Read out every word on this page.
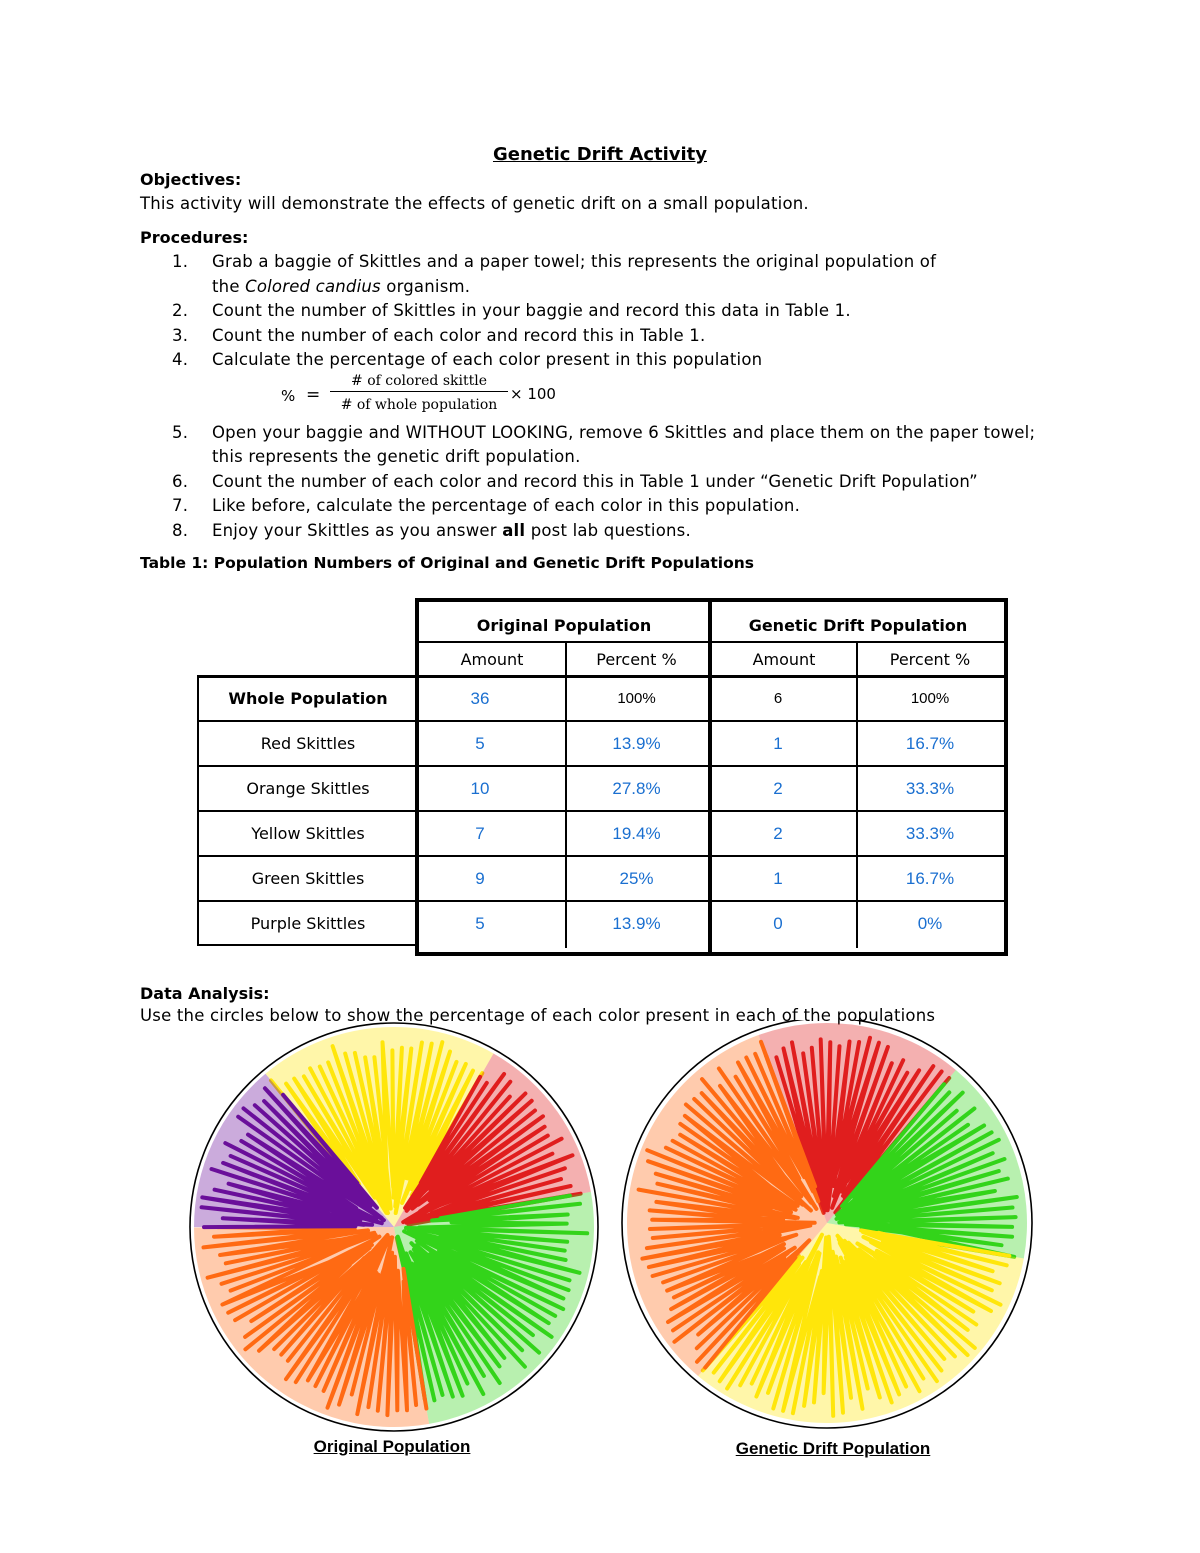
Genetic Drift Activity
Objectives:
This activity will demonstrate the effects of genetic drift on a small population.
Procedures:
1. Grab a baggie of Skittles and a paper towel; this represents the original population of
the Colored candius organism.
2. Count the number of Skittles in your baggie and record this data in Table 1.
3. Count the number of each color and record this in Table 1.
4. Calculate the percentage of each color present in this population
% =
# of colored skittle
# of whole population
× 100
5. Open your baggie and WITHOUT LOOKING, remove 6 Skittles and place them on the paper towel; this represents the genetic drift population.
6. Count the number of each color and record this in Table 1 under “Genetic Drift Population”
7. Like before, calculate the percentage of each color in this population.
8. Enjoy your Skittles as you answer all post lab questions.
Table 1: Population Numbers of Original and Genetic Drift Populations
Original Population	Genetic Drift Population
Amount	Percent %	Amount	Percent %
Whole Population	36	100%	6	100%
Red Skittles	5	13.9%	1	16.7%
Orange Skittles	10	27.8%	2	33.3%
Yellow Skittles	7	19.4%	2	33.3%
Green Skittles	9	25%	1	16.7%
Purple Skittles	5	13.9%	0	0%
Data Analysis:
Use the circles below to show the percentage of each color present in each of the populations
Original Population	Genetic Drift Population
